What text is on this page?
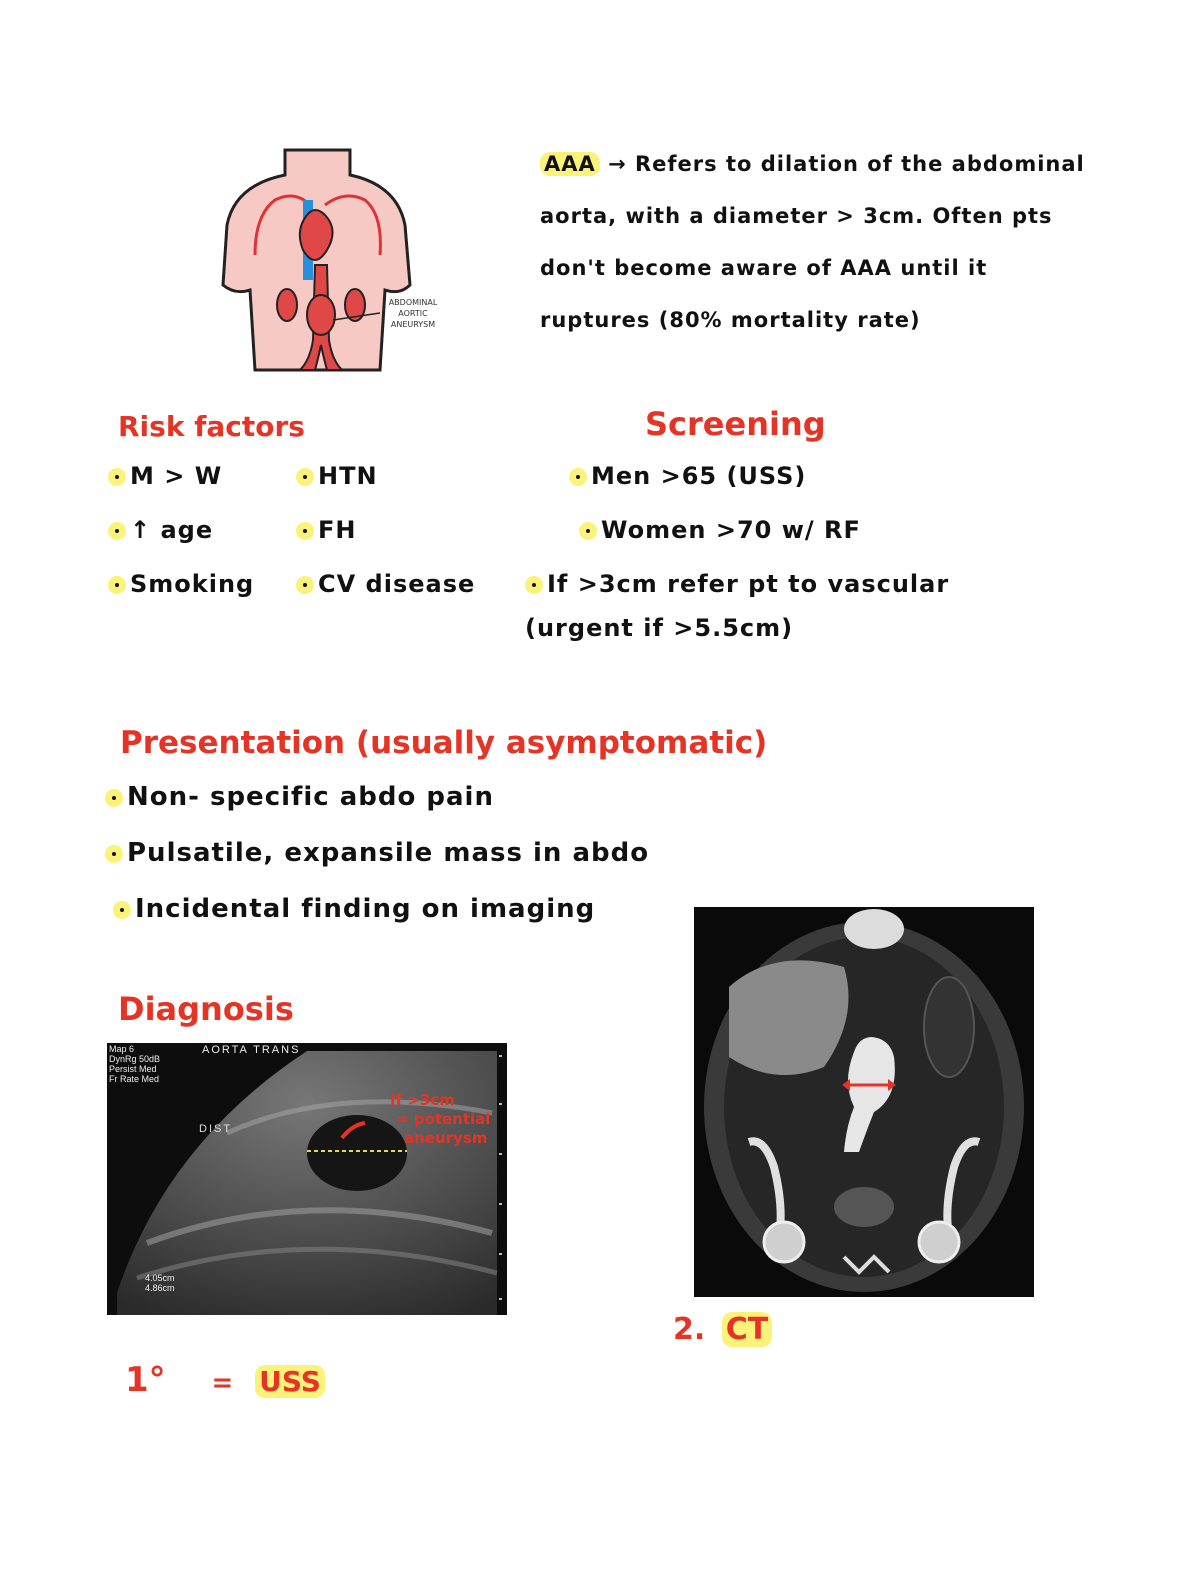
ABDOMINAL AORTIC ANEURYSM
AAA → Refers to dilation of the abdominal
aorta, with a diameter > 3cm. Often pts
don't become aware of AAA until it
ruptures (80% mortality rate)
Risk factors
M > W
↑ age
Smoking
HTN
FH
CV disease
Screening
Men >65 (USS)
Women >70 w/ RF
If >3cm refer pt to vascular
(urgent if >5.5cm)
Presentation (usually asymptomatic)
Non- specific abdo pain
Pulsatile, expansile mass in abdo
Incidental finding on imaging
Diagnosis
Map 6
DynRg 50dB
Persist Med
Fr Rate Med
AORTA TRANS
DIST
4.05cm
4.86cm
If >3cm
= potential
aneurysm
1° = USS
2. CT
